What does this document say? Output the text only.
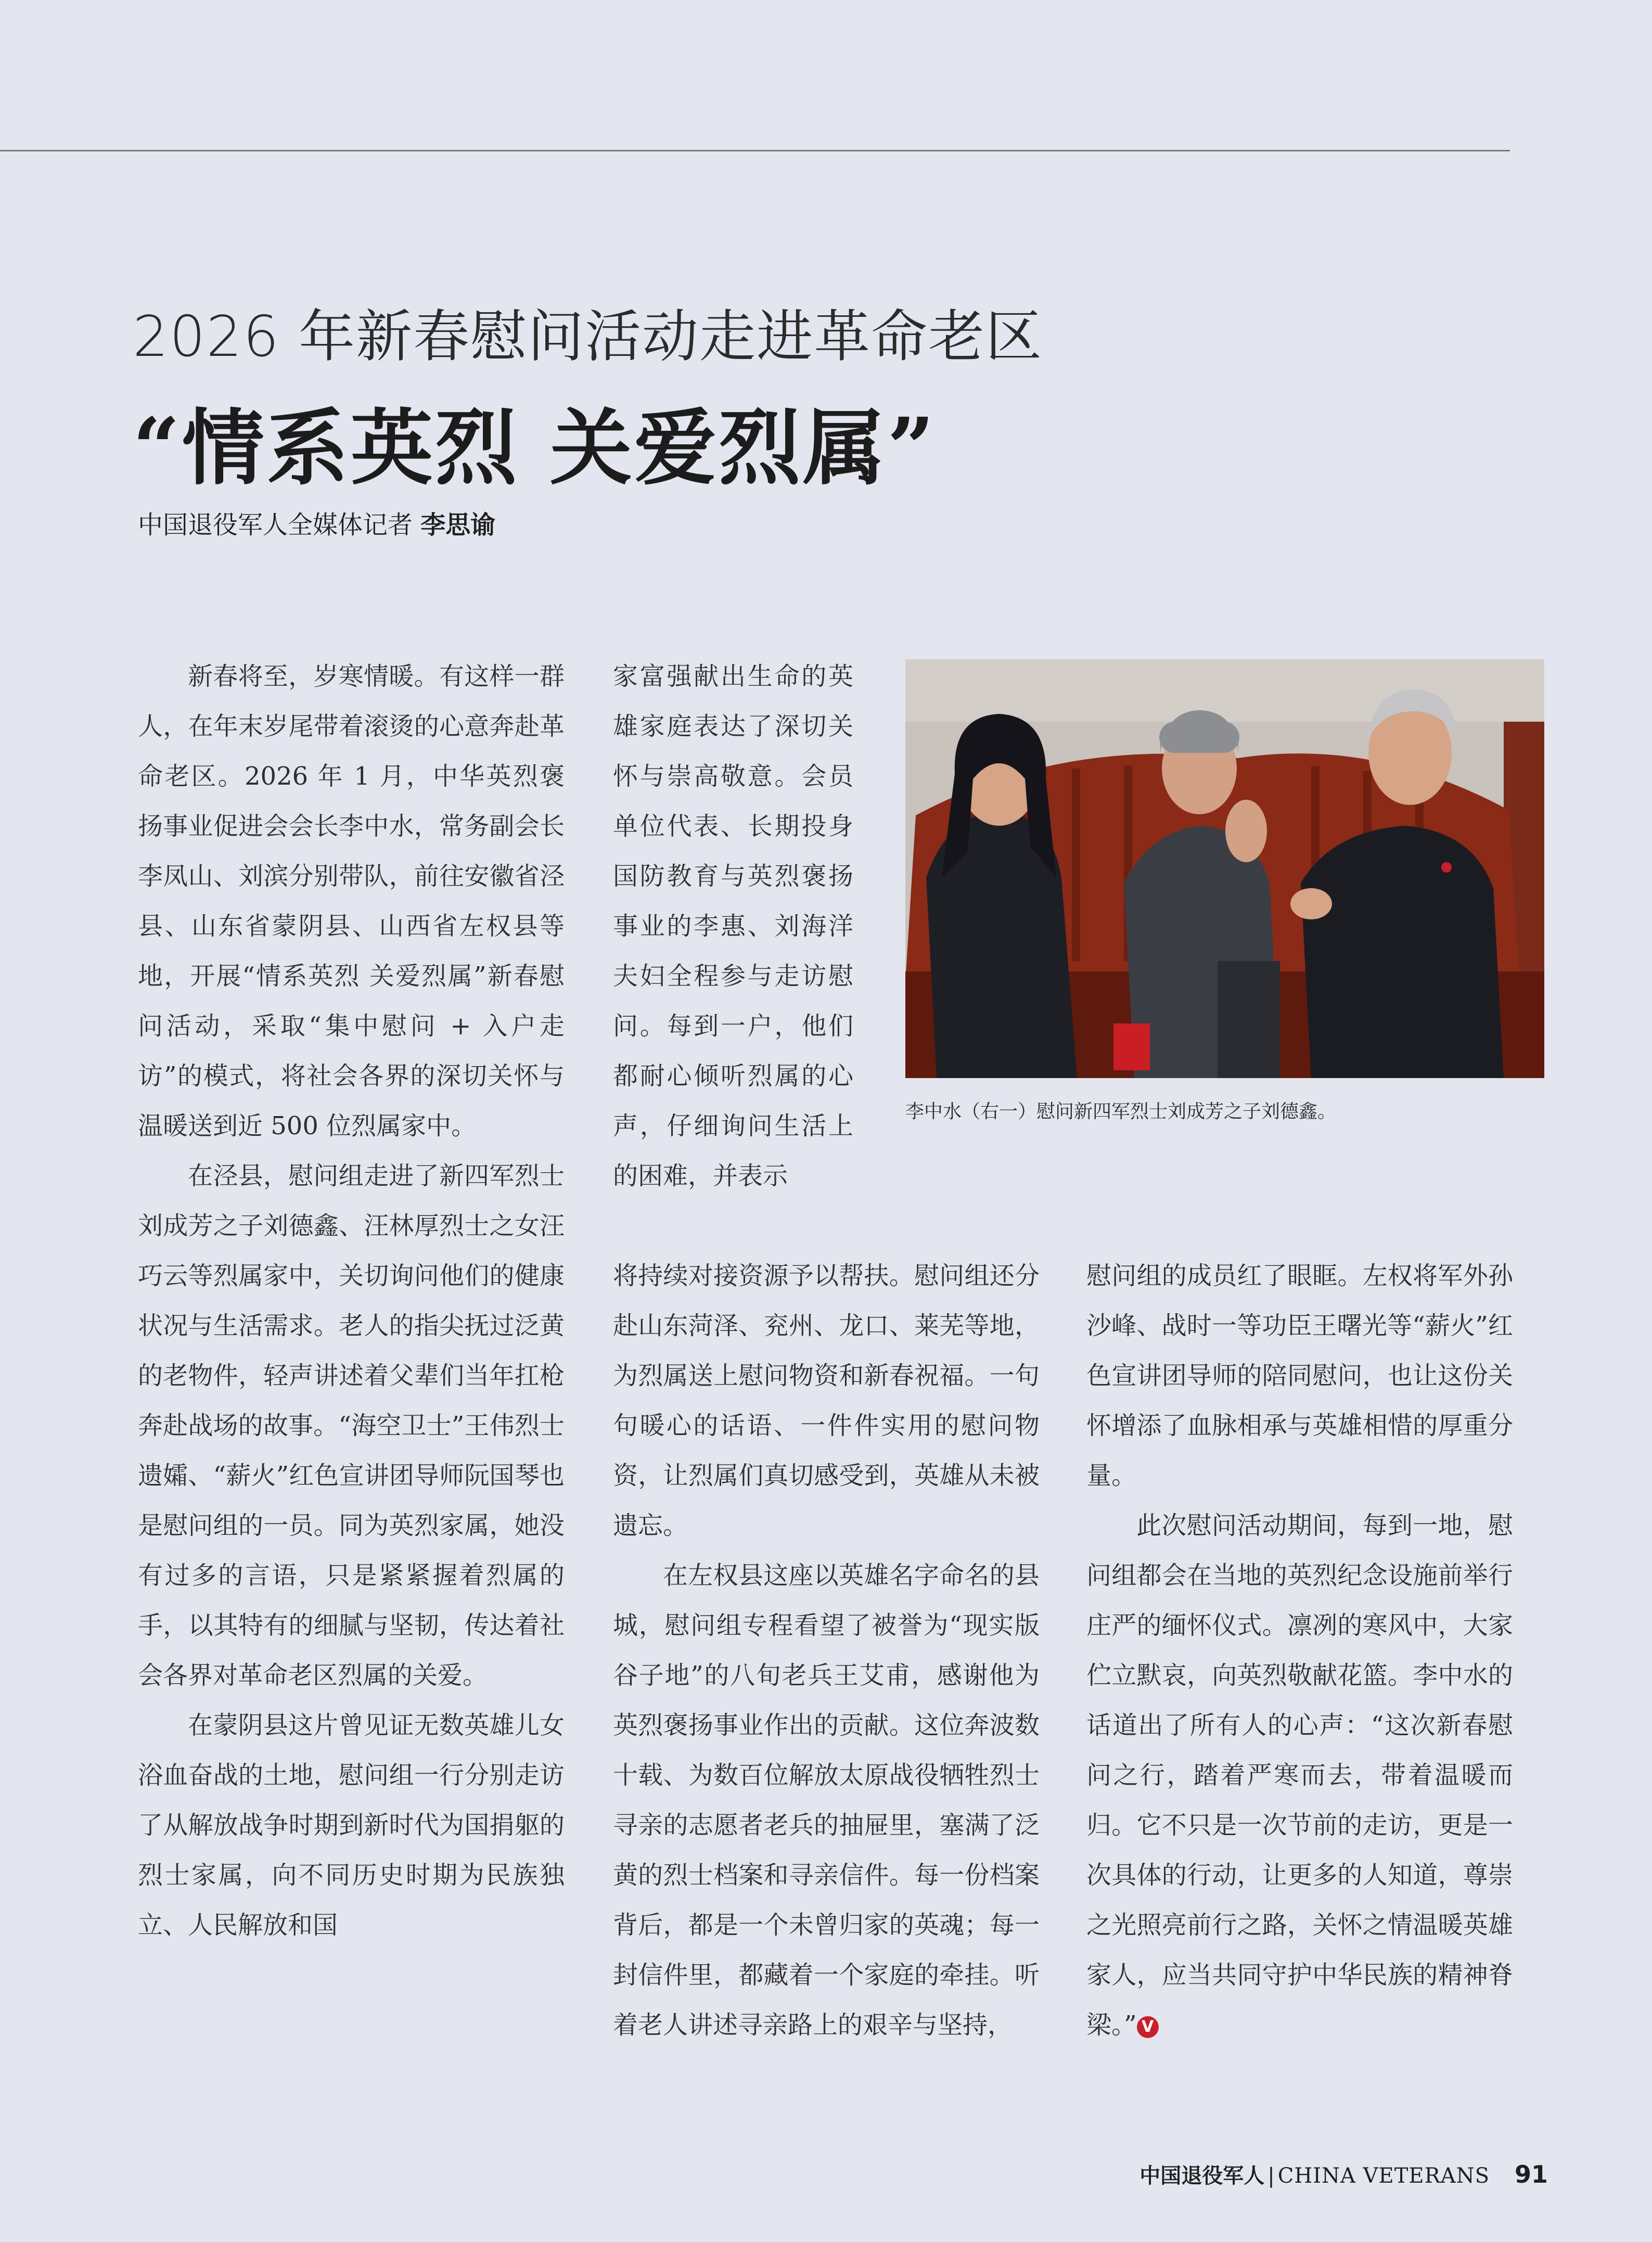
2026 年新春慰问活动走进革命老区
“情系英烈 关爱烈属”
中国退役军人全媒体记者 李思谕

新春将至，岁寒情暖。有这样一群人，在年末岁尾带着滚烫的心意奔赴革命老区。2026 年 1 月，中华英烈褒扬事业促进会会长李中水，常务副会长李凤山、刘滨分别带队，前往安徽省泾县、山东省蒙阴县、山西省左权县等地，开展“情系英烈 关爱烈属”新春慰问活动，采取“集中慰问 + 入户走访”的模式，将社会各界的深切关怀与温暖送到近 500 位烈属家中。

在泾县，慰问组走进了新四军烈士刘成芳之子刘德鑫、汪林厚烈士之女汪巧云等烈属家中，关切询问他们的健康状况与生活需求。老人的指尖抚过泛黄的老物件，轻声讲述着父辈们当年扛枪奔赴战场的故事。“海空卫士”王伟烈士遗孀、“薪火”红色宣讲团导师阮国琴也是慰问组的一员。同为英烈家属，她没有过多的言语，只是紧紧握着烈属的手，以其特有的细腻与坚韧，传达着社会各界对革命老区烈属的关爱。

在蒙阴县这片曾见证无数英雄儿女浴血奋战的土地，慰问组一行分别走访了从解放战争时期到新时代为国捐躯的烈士家属，向不同历史时期为民族独立、人民解放和国

家富强献出生命的英雄家庭表达了深切关怀与崇高敬意。会员单位代表、长期投身国防教育与英烈褒扬事业的李惠、刘海洋夫妇全程参与走访慰问。每到一户，他们都耐心倾听烈属的心声，仔细询问生活上的困难，并表示

李中水（右一）慰问新四军烈士刘成芳之子刘德鑫。

将持续对接资源予以帮扶。慰问组还分赴山东菏泽、兖州、龙口、莱芜等地，为烈属送上慰问物资和新春祝福。一句句暖心的话语、一件件实用的慰问物资，让烈属们真切感受到，英雄从未被遗忘。

在左权县这座以英雄名字命名的县城，慰问组专程看望了被誉为“现实版谷子地”的八旬老兵王艾甫，感谢他为英烈褒扬事业作出的贡献。这位奔波数十载、为数百位解放太原战役牺牲烈士寻亲的志愿者老兵的抽屉里，塞满了泛黄的烈士档案和寻亲信件。每一份档案背后，都是一个未曾归家的英魂；每一封信件里，都藏着一个家庭的牵挂。听着老人讲述寻亲路上的艰辛与坚持，

慰问组的成员红了眼眶。左权将军外孙沙峰、战时一等功臣王曙光等“薪火”红色宣讲团导师的陪同慰问，也让这份关怀增添了血脉相承与英雄相惜的厚重分量。

此次慰问活动期间，每到一地，慰问组都会在当地的英烈纪念设施前举行庄严的缅怀仪式。凛冽的寒风中，大家伫立默哀，向英烈敬献花篮。李中水的话道出了所有人的心声：“这次新春慰问之行，踏着严寒而去，带着温暖而归。它不只是一次节前的走访，更是一次具体的行动，让更多的人知道，尊崇之光照亮前行之路，关怀之情温暖英雄家人，应当共同守护中华民族的精神脊梁。” V

中国退役军人 | CHINA VETERANS 91
